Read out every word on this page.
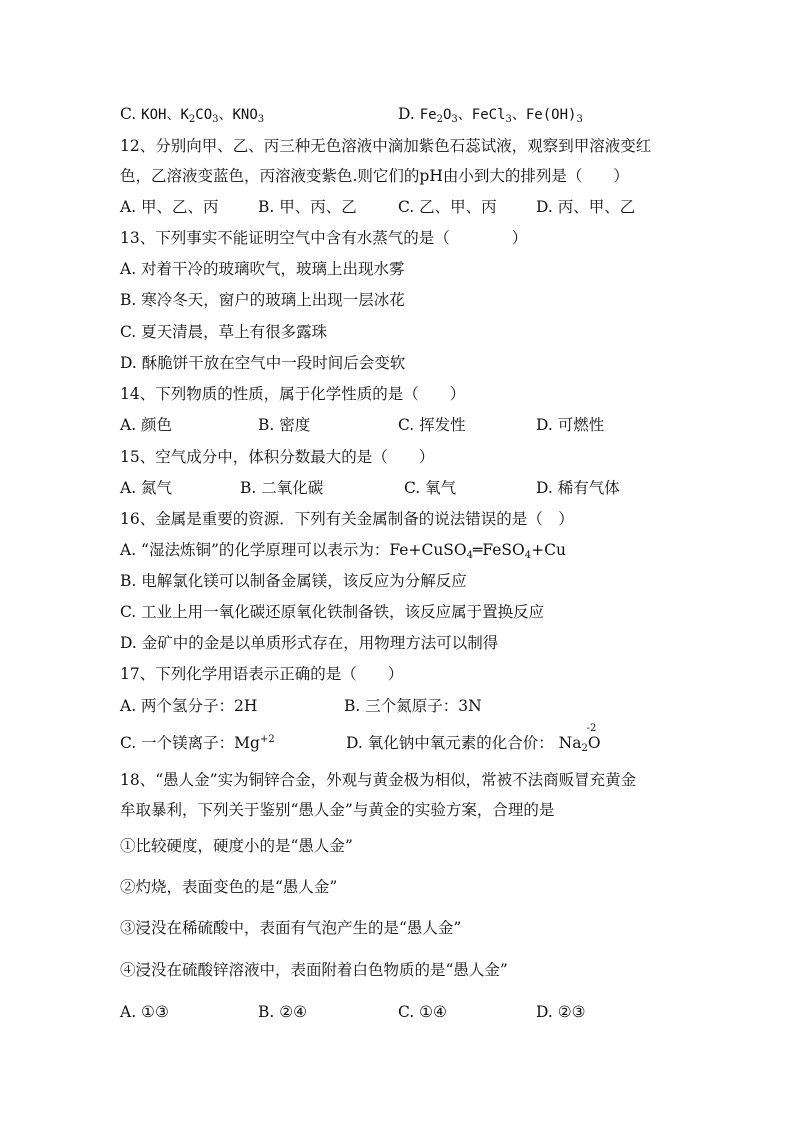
C. KOH、$K_2CO_3$、$KNO_3$	D. $Fe_2O_3$、FeCl$_3$、$Fe(OH)_3$
12、分别向甲、乙、丙三种无色溶液中滴加紫色石蕊试液，观察到甲溶液变红
色，乙溶液变蓝色，丙溶液变紫色.则它们的pH由小到大的排列是（　　）
A. 甲、乙、丙	B. 甲、丙、乙	C. 乙、甲、丙	D. 丙、甲、乙
13、下列事实不能证明空气中含有水蒸气的是（　　　　）
A. 对着干冷的玻璃吹气，玻璃上出现水雾
B. 寒冷冬天，窗户的玻璃上出现一层冰花
C. 夏天清晨，草上有很多露珠
D. 酥脆饼干放在空气中一段时间后会变软
14、下列物质的性质，属于化学性质的是（　　）
A. 颜色	B. 密度	C. 挥发性	D. 可燃性
15、空气成分中，体积分数最大的是（　　）
A. 氮气	B. 二氧化碳	C. 氧气	D. 稀有气体
16、金属是重要的资源．下列有关金属制备的说法错误的是（　）
A. “湿法炼铜”的化学原理可以表示为：Fe+CuSO$_4$═FeSO$_4$+Cu
B. 电解氯化镁可以制备金属镁，该反应为分解反应
C. 工业上用一氧化碳还原氧化铁制备铁，该反应属于置换反应
D. 金矿中的金是以单质形式存在，用物理方法可以制得
17、下列化学用语表示正确的是（　　）
A. 两个氢分子：2H	B. 三个氮原子：3N
C. 一个镁离子：$Mg^{+2}$	D. 氧化钠中氧元素的化合价： $Na_2O$
-2
18、“愚人金”实为铜锌合金，外观与黄金极为相似，常被不法商贩冒充黄金
牟取暴利，下列关于鉴别“愚人金”与黄金的实验方案，合理的是
①比较硬度，硬度小的是“愚人金”
②灼烧，表面变色的是“愚人金”
③浸没在稀硫酸中，表面有气泡产生的是“愚人金”
④浸没在硫酸锌溶液中，表面附着白色物质的是“愚人金”
A. ①③	B. ②④	C. ①④	D. ②③
